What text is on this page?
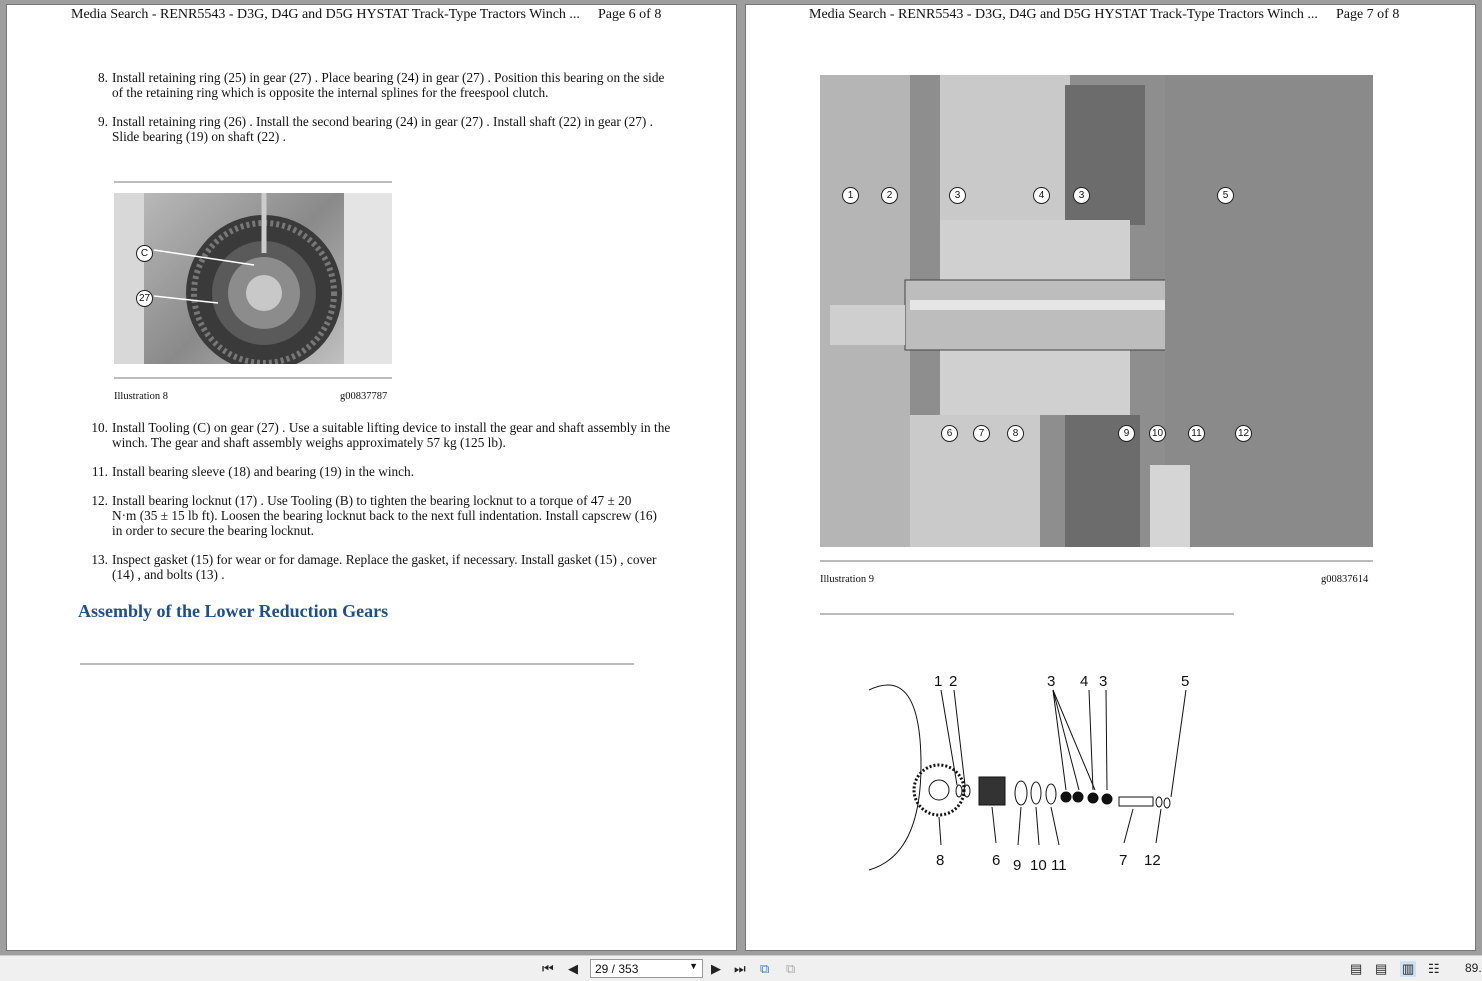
Media Search - RENR5543 - D3G, D4G and D5G HYSTAT Track-Type Tractors Winch ... Page 6 of 8
8. Install retaining ring (25) in gear (27) . Place bearing (24) in gear (27) . Position this bearing on the side of the retaining ring which is opposite the internal splines for the freespool clutch.
9. Install retaining ring (26) . Install the second bearing (24) in gear (27) . Install shaft (22) in gear (27) . Slide bearing (19) on shaft (22) .
C
27
Illustration 8	g00837787
10. Install Tooling (C) on gear (27) . Use a suitable lifting device to install the gear and shaft assembly in the winch. The gear and shaft assembly weighs approximately 57 kg (125 lb).
11. Install bearing sleeve (18) and bearing (19) in the winch.
12. Install bearing locknut (17) . Use Tooling (B) to tighten the bearing locknut to a torque of 47 ± 20 N·m (35 ± 15 lb ft). Loosen the bearing locknut back to the next full indentation. Install capscrew (16) in order to secure the bearing locknut.
13. Inspect gasket (15) for wear or for damage. Replace the gasket, if necessary. Install gasket (15) , cover (14) , and bolts (13) .
Assembly of the Lower Reduction Gears
Media Search - RENR5543 - D3G, D4G and D5G HYSTAT Track-Type Tractors Winch ... Page 7 of 8
1	2	3	4	3	5
6	7	8	9	10	11	12
Illustration 9	g00837614
1 2	3 4 3	5
8	6 9 10 11	7 12
⏮ ◀	29 / 353	▼ ▶ ⏭ ⧉ ⧉	▤ ▤ ▥ ☷ 89.
